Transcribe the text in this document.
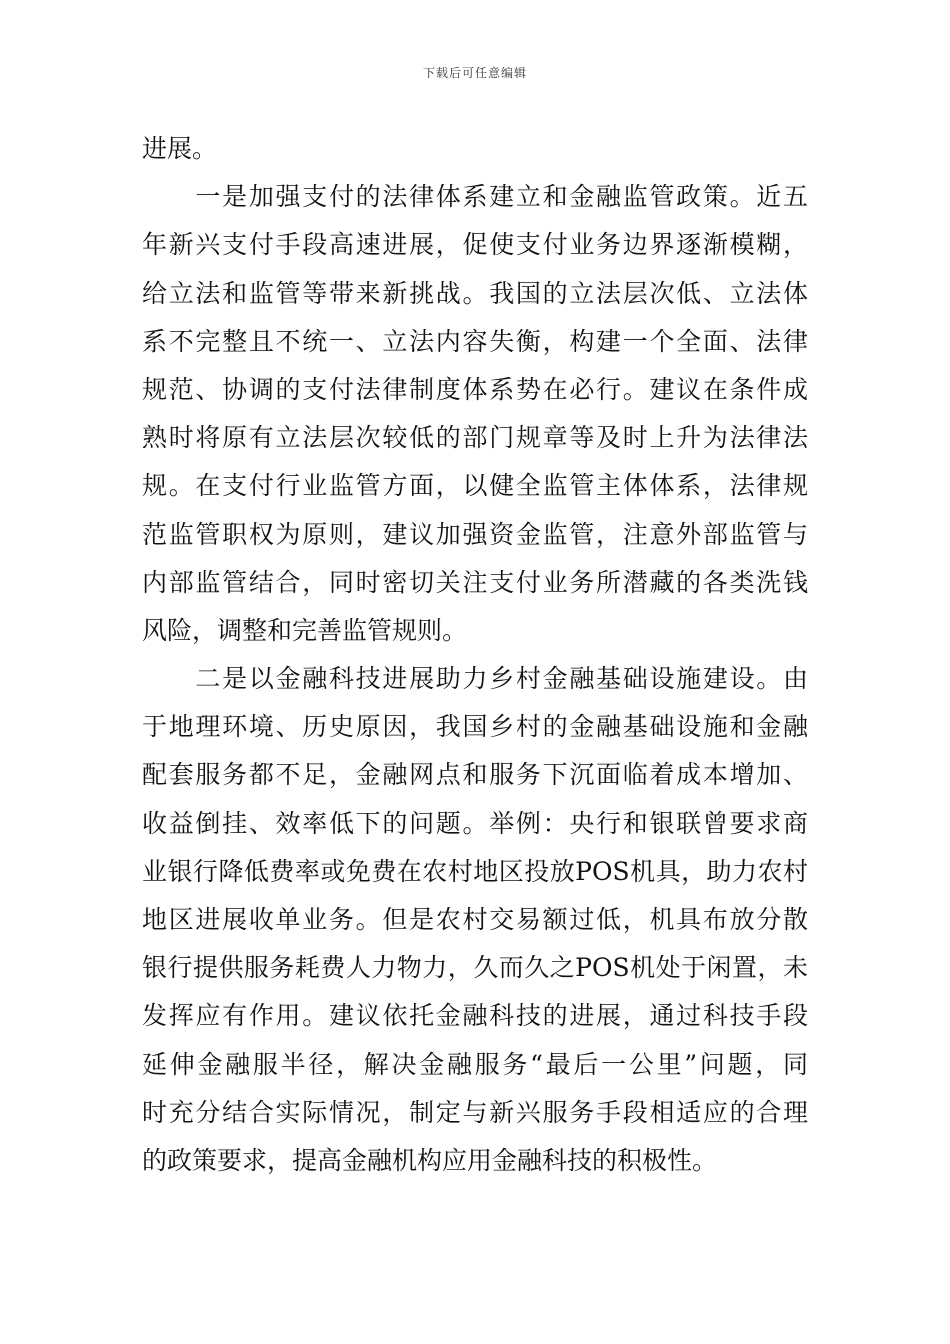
下载后可任意编辑
进展。
　　一是加强支付的法律体系建立和金融监管政策。近五
年新兴支付手段高速进展，促使支付业务边界逐渐模糊，
给立法和监管等带来新挑战。我国的立法层次低、立法体
系不完整且不统一、立法内容失衡，构建一个全面、法律
规范、协调的支付法律制度体系势在必行。建议在条件成
熟时将原有立法层次较低的部门规章等及时上升为法律法
规。在支付行业监管方面，以健全监管主体体系，法律规
范监管职权为原则，建议加强资金监管，注意外部监管与
内部监管结合，同时密切关注支付业务所潜藏的各类洗钱
风险，调整和完善监管规则。
　　二是以金融科技进展助力乡村金融基础设施建设。由
于地理环境、历史原因，我国乡村的金融基础设施和金融
配套服务都不足，金融网点和服务下沉面临着成本增加、
收益倒挂、效率低下的问题。举例：央行和银联曾要求商
业银行降低费率或免费在农村地区投放POS机具，助力农村
地区进展收单业务。但是农村交易额过低，机具布放分散
银行提供服务耗费人力物力，久而久之POS机处于闲置，未
发挥应有作用。建议依托金融科技的进展，通过科技手段
延伸金融服半径，解决金融服务“最后一公里”问题，同
时充分结合实际情况，制定与新兴服务手段相适应的合理
的政策要求，提高金融机构应用金融科技的积极性。
